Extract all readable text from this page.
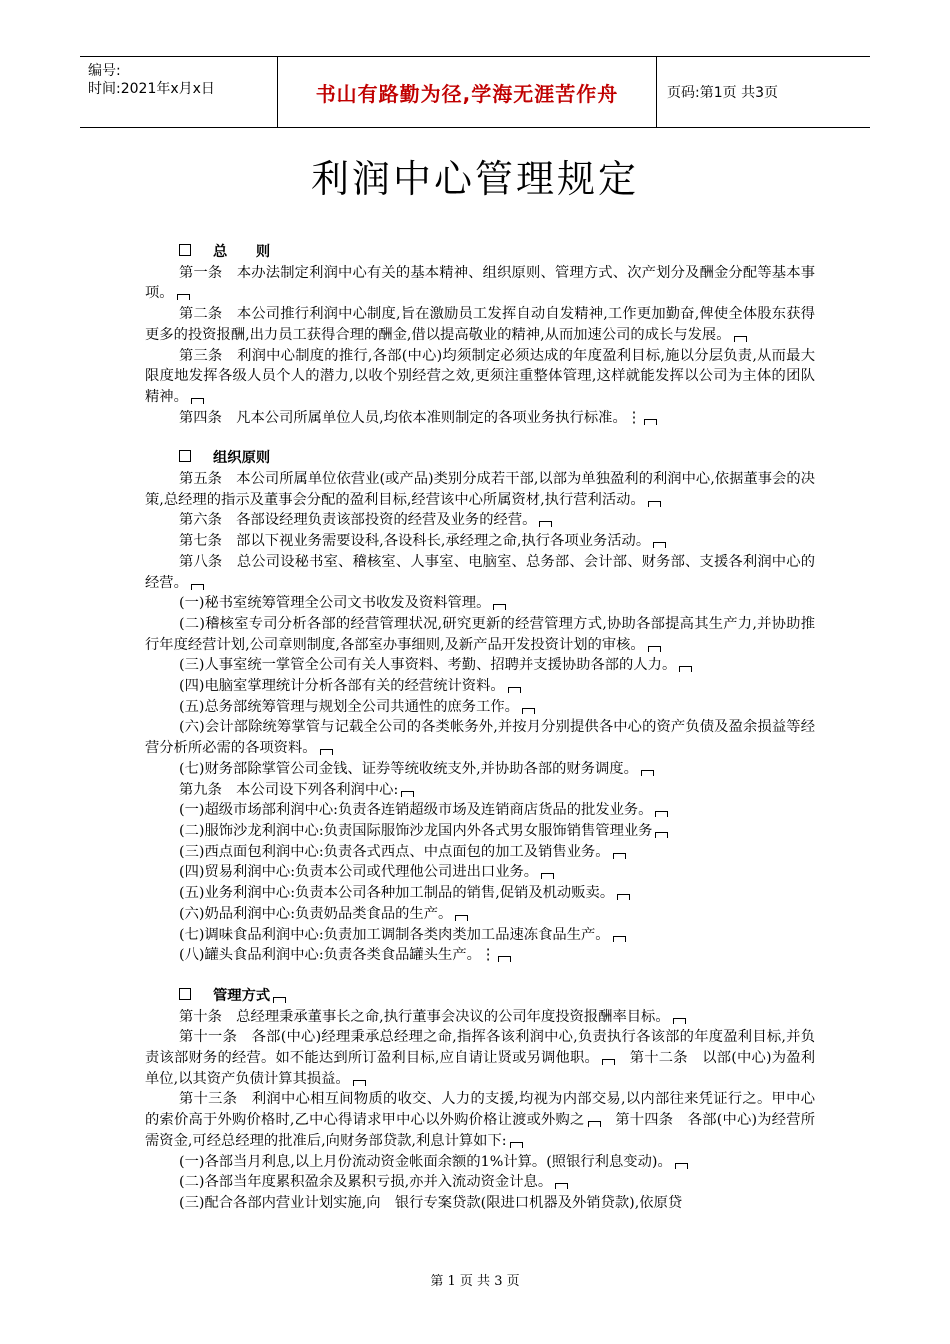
编号:
时间:2021年x月x日	书山有路勤为径,学海无涯苦作舟	页码:第1页 共3页
利润中心管理规定
总　　则

第一条　本办法制定利润中心有关的基本精神、组织原则、管理方式、次产划分及酬金分配等基本事项。

第二条　本公司推行利润中心制度,旨在激励员工发挥自动自发精神,工作更加勤奋,俾使全体股东获得更多的投资报酬,出力员工获得合理的酬金,借以提高敬业的精神,从而加速公司的成长与发展。

第三条　利润中心制度的推行,各部(中心)均须制定必须达成的年度盈利目标,施以分层负责,从而最大限度地发挥各级人员个人的潜力,以收个别经营之效,更须注重整体管理,这样就能发挥以公司为主体的团队精神。

第四条　凡本公司所属单位人员,均依本准则制定的各项业务执行标准。⋮

组织原则

第五条　本公司所属单位依营业(或产品)类别分成若干部,以部为单独盈利的利润中心,依据董事会的决策,总经理的指示及董事会分配的盈利目标,经营该中心所属资材,执行营利活动。

第六条　各部设经理负责该部投资的经营及业务的经营。

第七条　部以下视业务需要设科,各设科长,承经理之命,执行各项业务活动。

第八条　总公司设秘书室、稽核室、人事室、电脑室、总务部、会计部、财务部、支援各利润中心的经营。

(一)秘书室统筹管理全公司文书收发及资料管理。

(二)稽核室专司分析各部的经营管理状况,研究更新的经营管理方式,协助各部提高其生产力,并协助推行年度经营计划,公司章则制度,各部室办事细则,及新产品开发投资计划的审核。

(三)人事室统一掌管全公司有关人事资料、考勤、招聘并支援协助各部的人力。

(四)电脑室掌理统计分析各部有关的经营统计资料。

(五)总务部统筹管理与规划全公司共通性的庶务工作。

(六)会计部除统筹掌管与记载全公司的各类帐务外,并按月分别提供各中心的资产负债及盈余损益等经营分析所必需的各项资料。

(七)财务部除掌管公司金钱、证券等统收统支外,并协助各部的财务调度。

第九条　本公司设下列各利润中心:

(一)超级市场部利润中心:负责各连销超级市场及连销商店货品的批发业务。

(二)服饰沙龙利润中心:负责国际服饰沙龙国内外各式男女服饰销售管理业务

(三)西点面包利润中心:负责各式西点、中点面包的加工及销售业务。

(四)贸易利润中心:负责本公司或代理他公司进出口业务。

(五)业务利润中心:负责本公司各种加工制品的销售,促销及机动贩卖。

(六)奶品利润中心:负责奶品类食品的生产。

(七)调味食品利润中心:负责加工调制各类肉类加工品速冻食品生产。

(八)罐头食品利润中心:负责各类食品罐头生产。⋮

管理方式

第十条　总经理秉承董事长之命,执行董事会决议的公司年度投资报酬率目标。

第十一条　各部(中心)经理秉承总经理之命,指挥各该利润中心,负责执行各该部的年度盈利目标,并负责该部财务的经营。如不能达到所订盈利目标,应自请让贤或另调他职。　 第十二条　以部(中心)为盈利单位,以其资产负债计算其损益。

第十三条　利润中心相互间物质的收交、人力的支援,均视为内部交易,以内部往来凭证行之。甲中心的索价高于外购价格时,乙中心得请求甲中心以外购价格让渡或外购之　 第十四条　各部(中心)为经营所需资金,可经总经理的批准后,向财务部贷款,利息计算如下:

(一)各部当月利息,以上月份流动资金帐面余额的1%计算。(照银行利息变动)。

(二)各部当年度累积盈余及累积亏损,亦并入流动资金计息。

(三)配合各部内营业计划实施,向　银行专案贷款(限进口机器及外销贷款),依原贷

第 1 页 共 3 页
